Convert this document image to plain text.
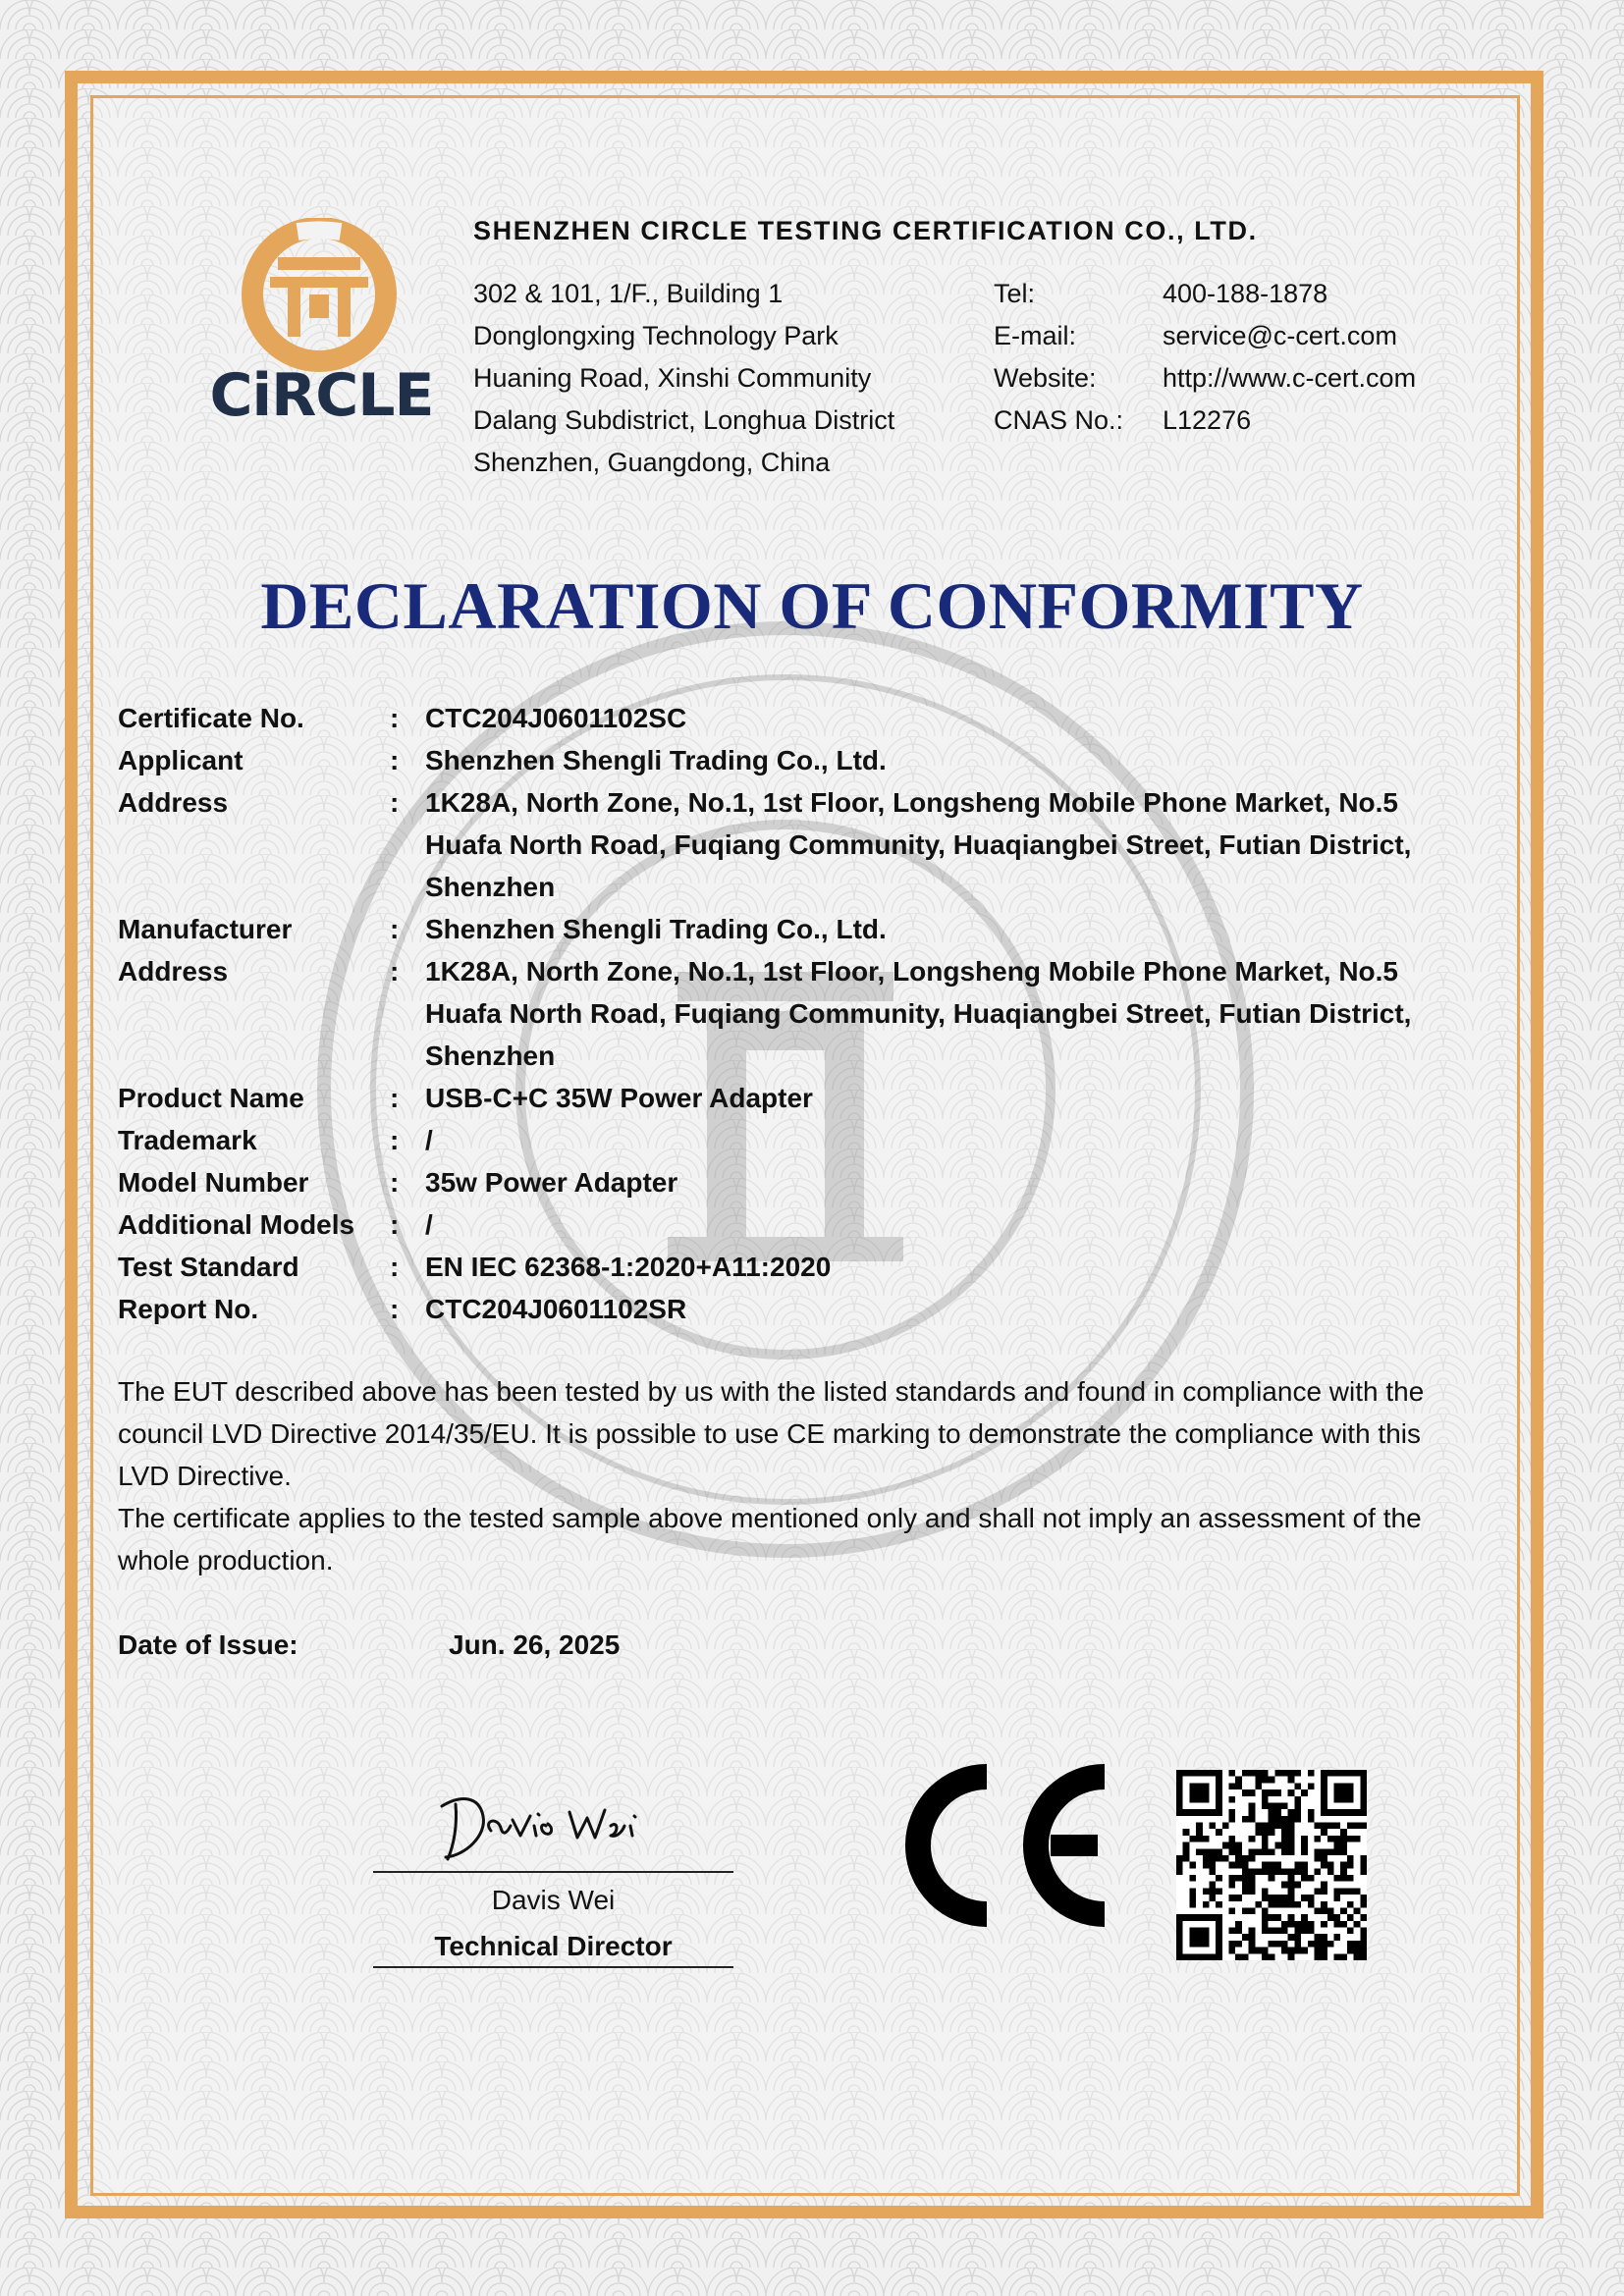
CiRCLE
SHENZHEN CIRCLE TESTING CERTIFICATION CO., LTD.
302 & 101, 1/F., Building 1
Donglongxing Technology Park
Huaning Road, Xinshi Community
Dalang Subdistrict, Longhua District
Shenzhen, Guangdong, China
Tel:	400-188-1878
E-mail:	service@c-cert.com
Website: http://www.c-cert.com
CNAS No.: L12276
DECLARATION OF CONFORMITY
Certificate No.	: CTC204J0601102SC
Applicant	: Shenzhen Shengli Trading Co., Ltd.
Address	: 1K28A, North Zone, No.1, 1st Floor, Longsheng Mobile Phone Market, No.5
Huafa North Road, Fuqiang Community, Huaqiangbei Street, Futian District,
Shenzhen
Manufacturer	: Shenzhen Shengli Trading Co., Ltd.
Address	: 1K28A, North Zone, No.1, 1st Floor, Longsheng Mobile Phone Market, No.5
Huafa North Road, Fuqiang Community, Huaqiangbei Street, Futian District,
Shenzhen
Product Name	: USB-C+C 35W Power Adapter
Trademark	: /
Model Number	: 35w Power Adapter
Additional Models	: /
Test Standard	: EN IEC 62368-1:2020+A11:2020
Report No.	: CTC204J0601102SR

The EUT described above has been tested by us with the listed standards and found in compliance with the

council LVD Directive 2014/35/EU. It is possible to use CE marking to demonstrate the compliance with this

LVD Directive.

The certificate applies to the tested sample above mentioned only and shall not imply an assessment of the

whole production.

Date of Issue:	Jun. 26, 2025
Davis Wei
Technical Director
